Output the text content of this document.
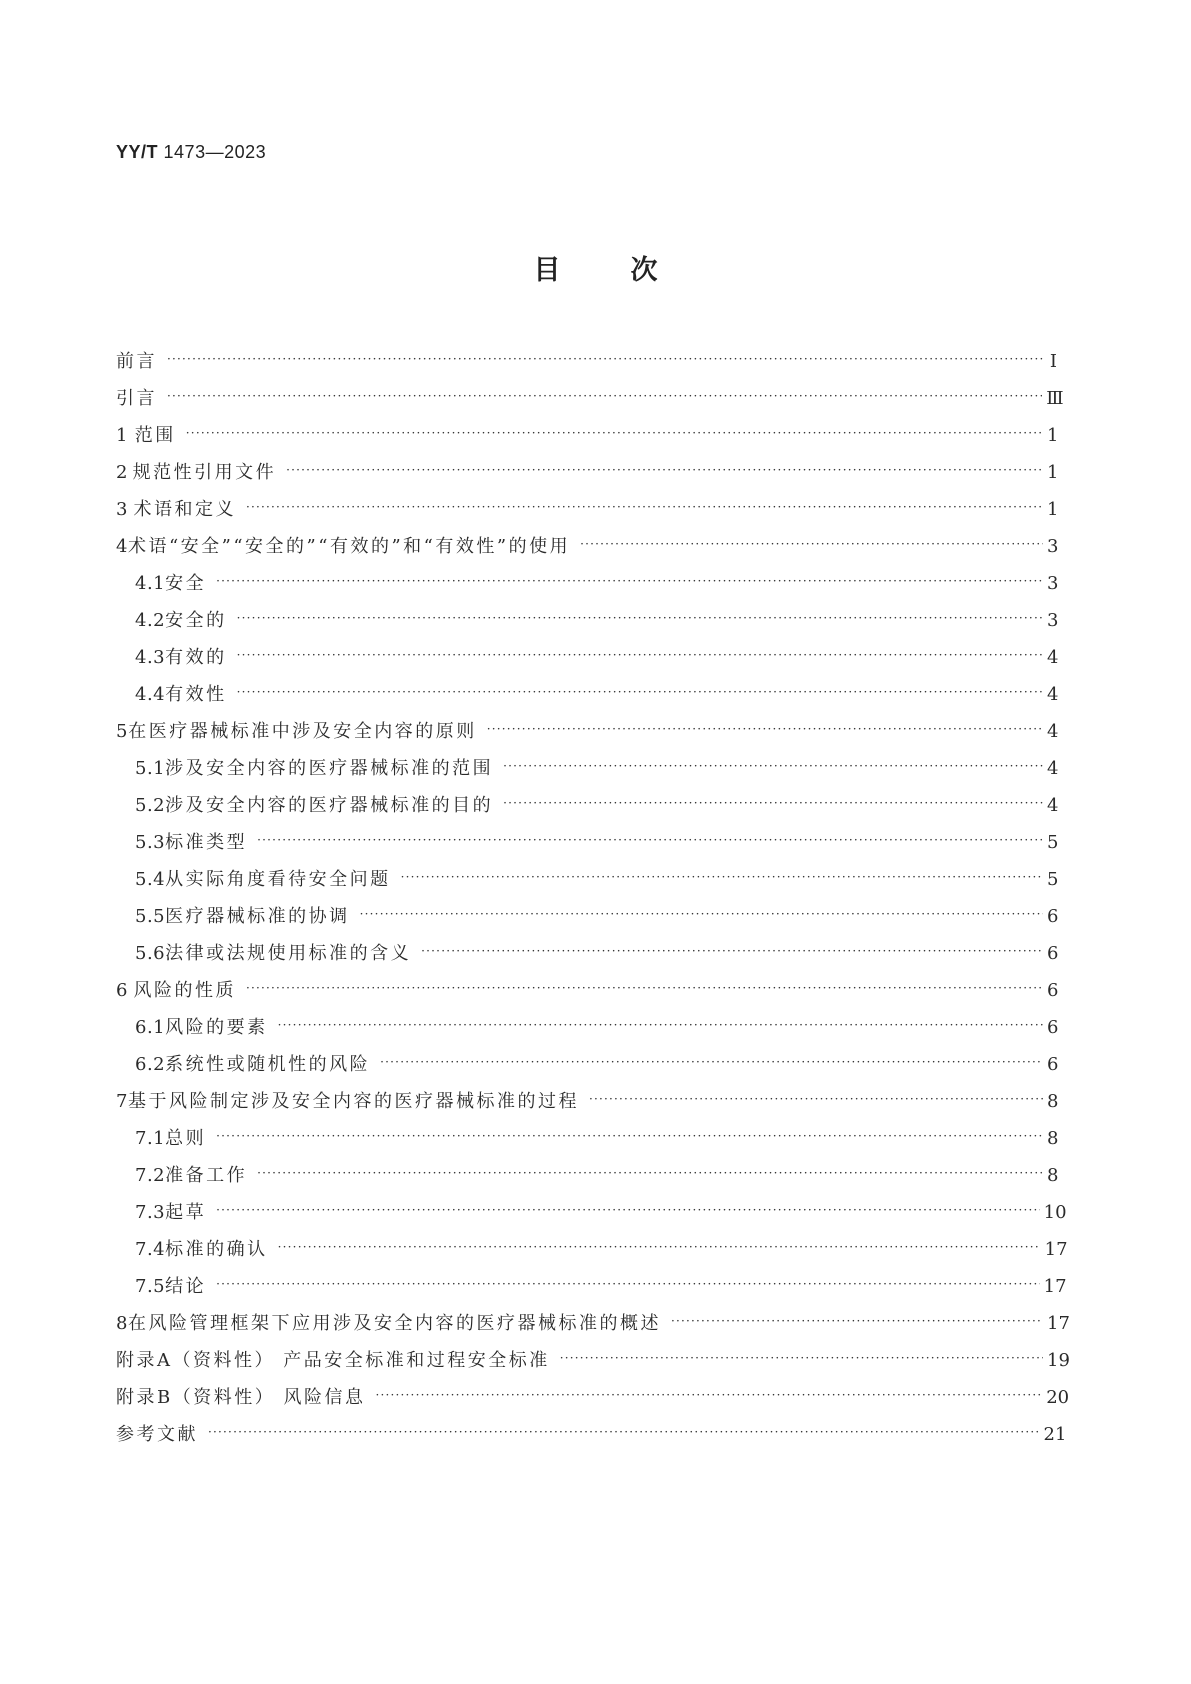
YY/T 1473—2023
目次
前言 ·····	Ⅰ
引言 ·····	Ⅲ
1 范围 ·····	1
2 规范性引用文件 ·····	1
3 术语和定义 ·····	1
4 术语“安全”“安全的”“有效的”和“有效性”的使用 ·····	3
4.1 安全 ·····	3
4.2 安全的 ·····	3
4.3 有效的 ·····	4
4.4 有效性 ·····	4
5 在医疗器械标准中涉及安全内容的原则 ·····	4
5.1 涉及安全内容的医疗器械标准的范围 ·····	4
5.2 涉及安全内容的医疗器械标准的目的 ·····	4
5.3 标准类型 ·····	5
5.4 从实际角度看待安全问题 ·····	5
5.5 医疗器械标准的协调 ·····	6
5.6 法律或法规使用标准的含义 ·····	6
6 风险的性质 ·····	6
6.1 风险的要素 ·····	6
6.2 系统性或随机性的风险 ·····	6
7 基于风险制定涉及安全内容的医疗器械标准的过程 ·····	8
7.1 总则 ·····	8
7.2 准备工作 ·····	8
7.3 起草 ·····	10
7.4 标准的确认 ·····	17
7.5 结论 ·····	17
8 在风险管理框架下应用涉及安全内容的医疗器械标准的概述 ·····	17
附录A（资料性） 产品安全标准和过程安全标准 ·····	19
附录B（资料性） 风险信息 ·····	20
参考文献 ·····	21
